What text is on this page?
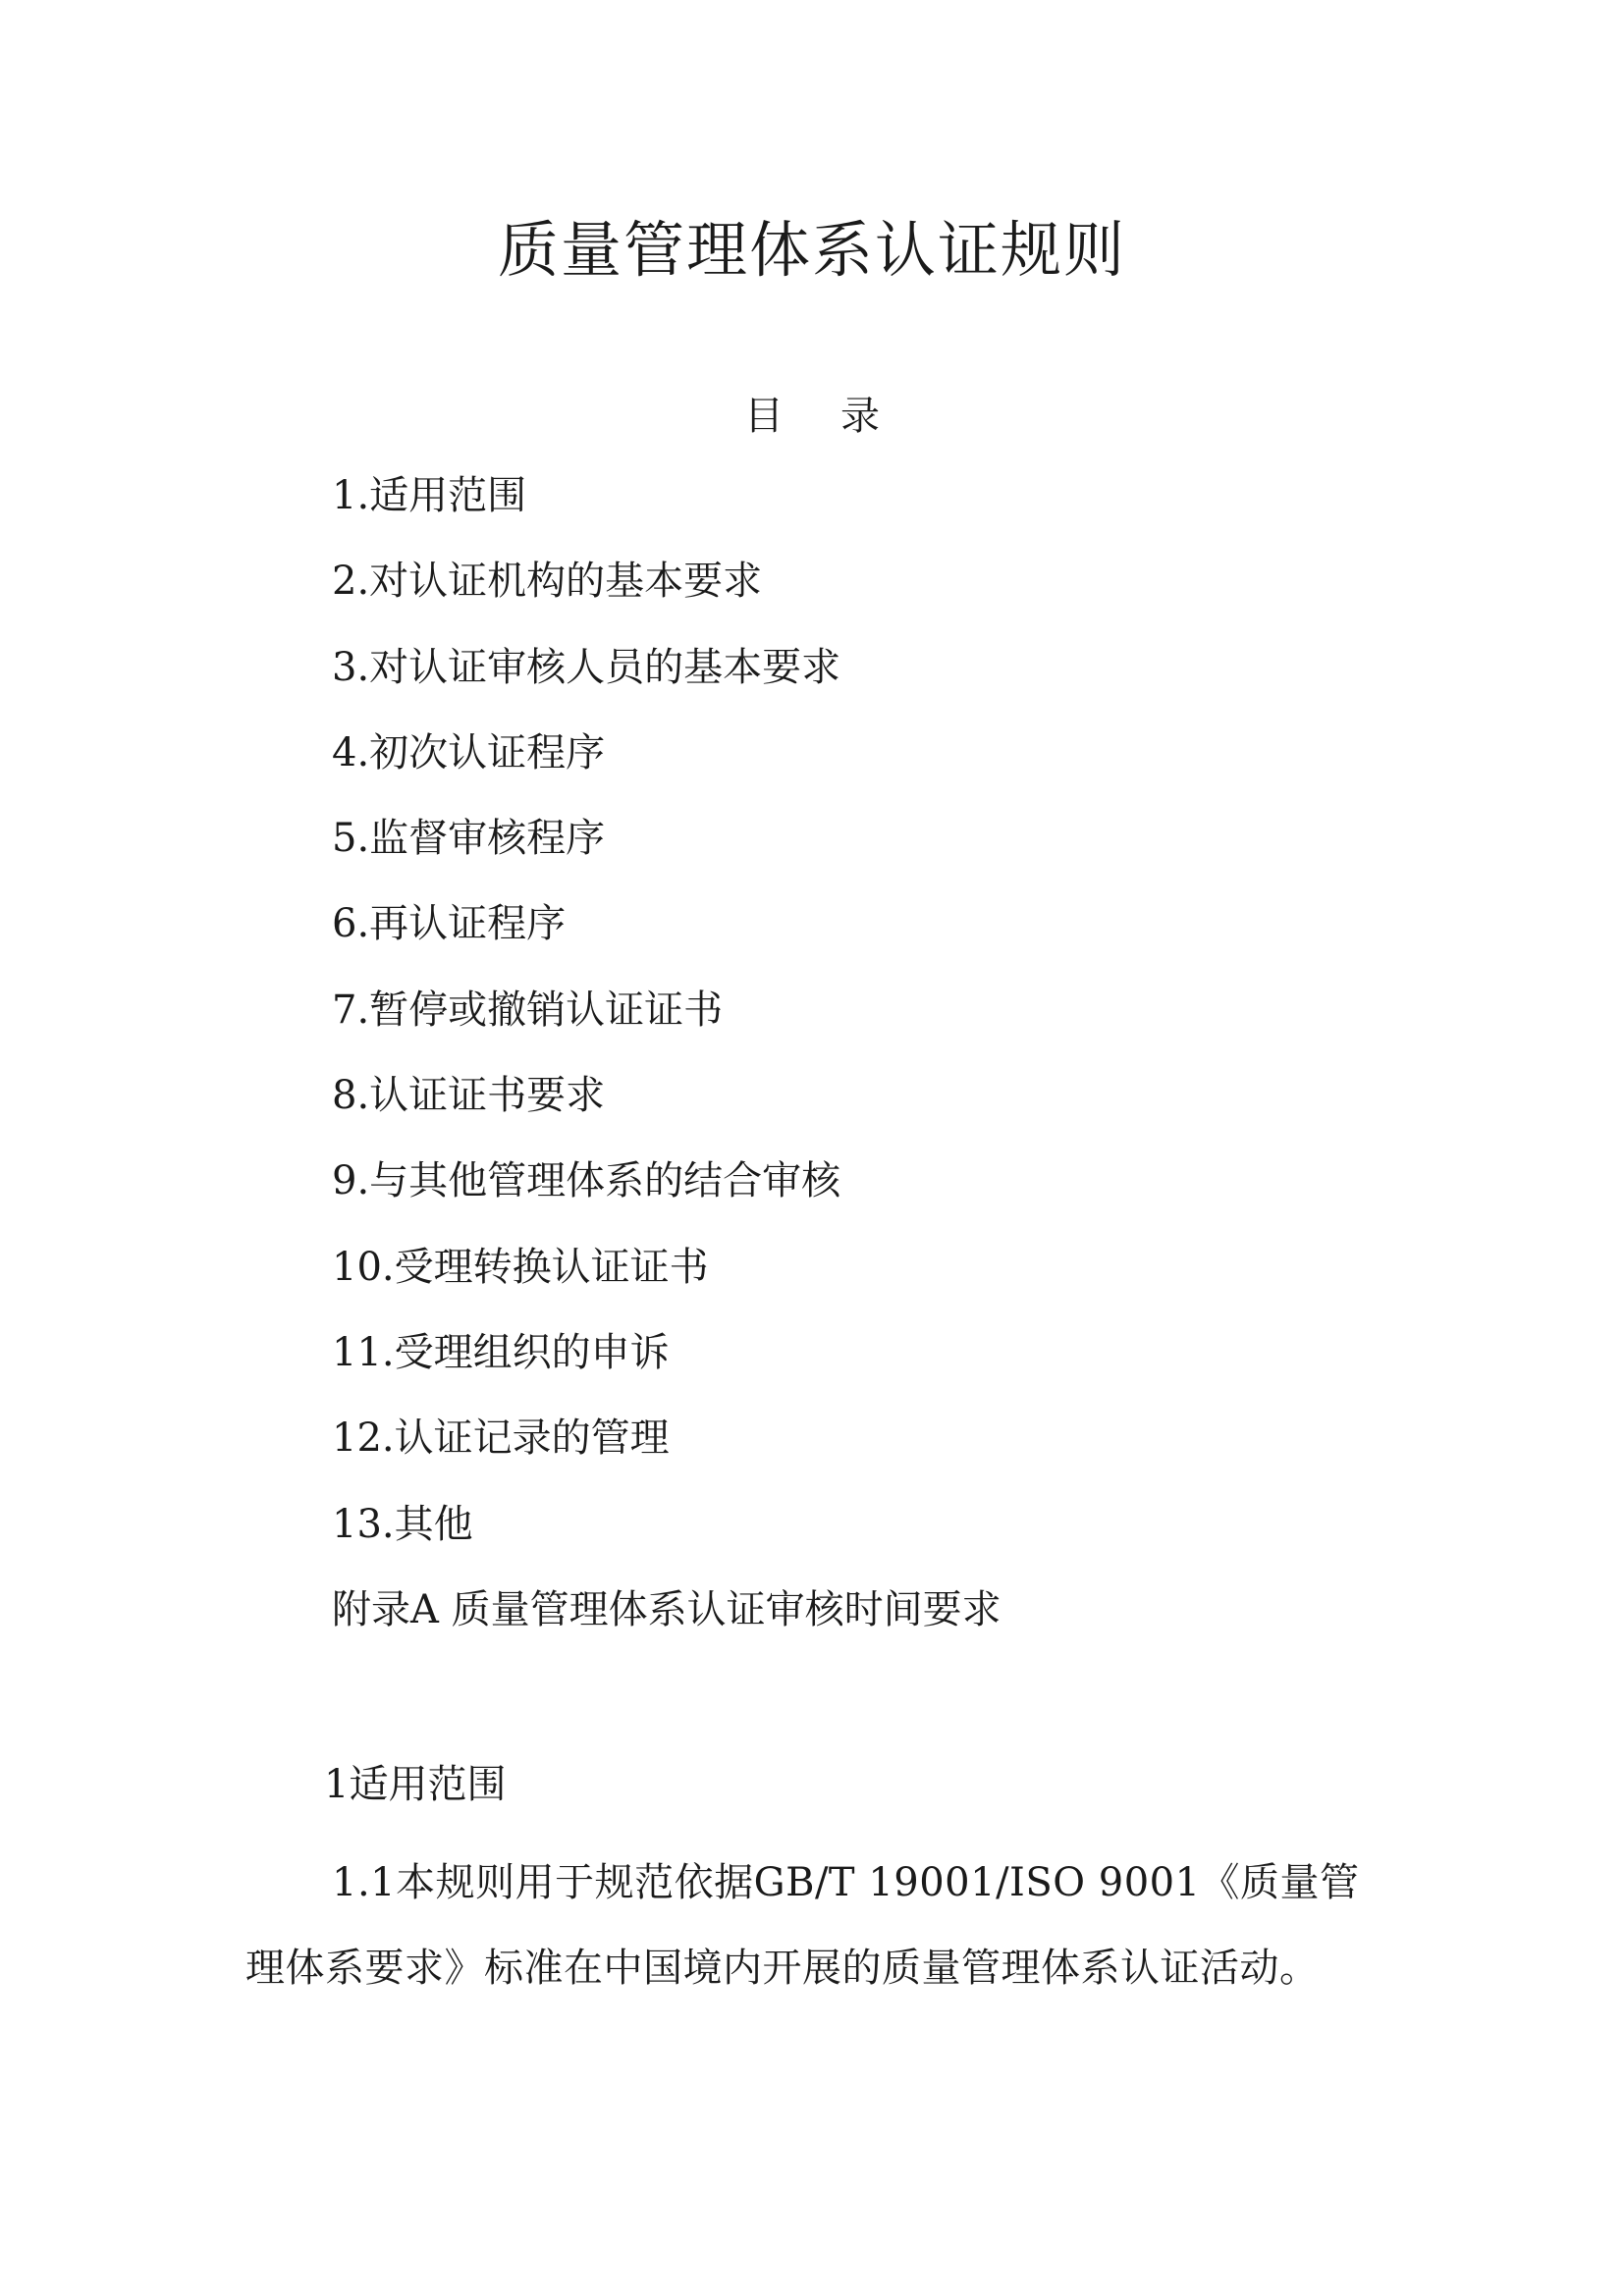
质量管理体系认证规则
目 录
1.适用范围
2.对认证机构的基本要求
3.对认证审核人员的基本要求
4.初次认证程序
5.监督审核程序
6.再认证程序
7.暂停或撤销认证证书
8.认证证书要求
9.与其他管理体系的结合审核
10.受理转换认证证书
11.受理组织的申诉
12.认证记录的管理
13.其他
附录A 质量管理体系认证审核时间要求
1适用范围

1.1本规则用于规范依据GB/T 19001/ISO 9001《质量管理体系要求》标准在中国境内开展的质量管理体系认证活动。
